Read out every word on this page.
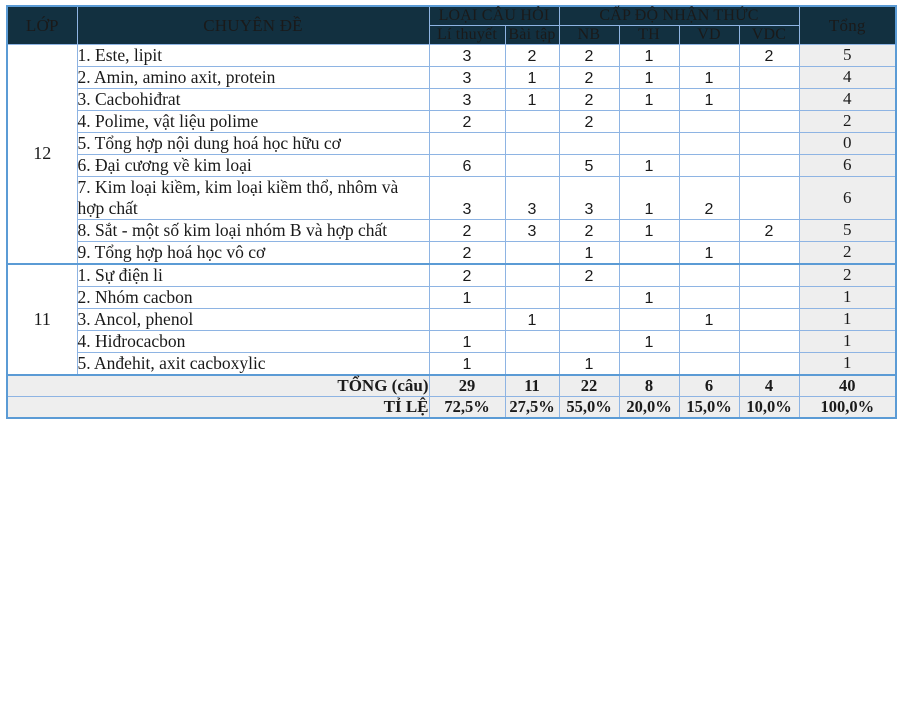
LỚP	CHUYÊN ĐỀ	LOẠI CÂU HỎI		CẤP ĐỘ NHẬN THỨC				Tổng
		Lí thuyết	Bài tập	NB	TH	VD	VDC	
12	1. Este, lipit	3	2	2	1		2	5
	2. Amin, amino axit, protein	3	1	2	1	1		4
	3. Cacbohiđrat	3	1	2	1	1		4
	4. Polime, vật liệu polime	2		2				2
	5. Tổng hợp nội dung hoá học hữu cơ							0
	6. Đại cương về kim loại	6		5	1			6
	7. Kim loại kiềm, kim loại kiềm thổ, nhôm và hợp chất	3	3	3	1	2		6
	8. Sắt - một số kim loại nhóm B và hợp chất	2	3	2	1		2	5
	9. Tổng hợp hoá học vô cơ	2		1		1		2
11	1. Sự điện li	2		2				2
	2. Nhóm cacbon	1			1			1
	3. Ancol, phenol		1			1		1
	4. Hiđrocacbon	1			1			1
	5. Anđehit, axit cacboxylic	1		1				1
TỔNG (câu)		29	11	22	8	6	4	40
TỈ LỆ		72,5%	27,5%	55,0%	20,0%	15,0%	10,0%	100,0%
